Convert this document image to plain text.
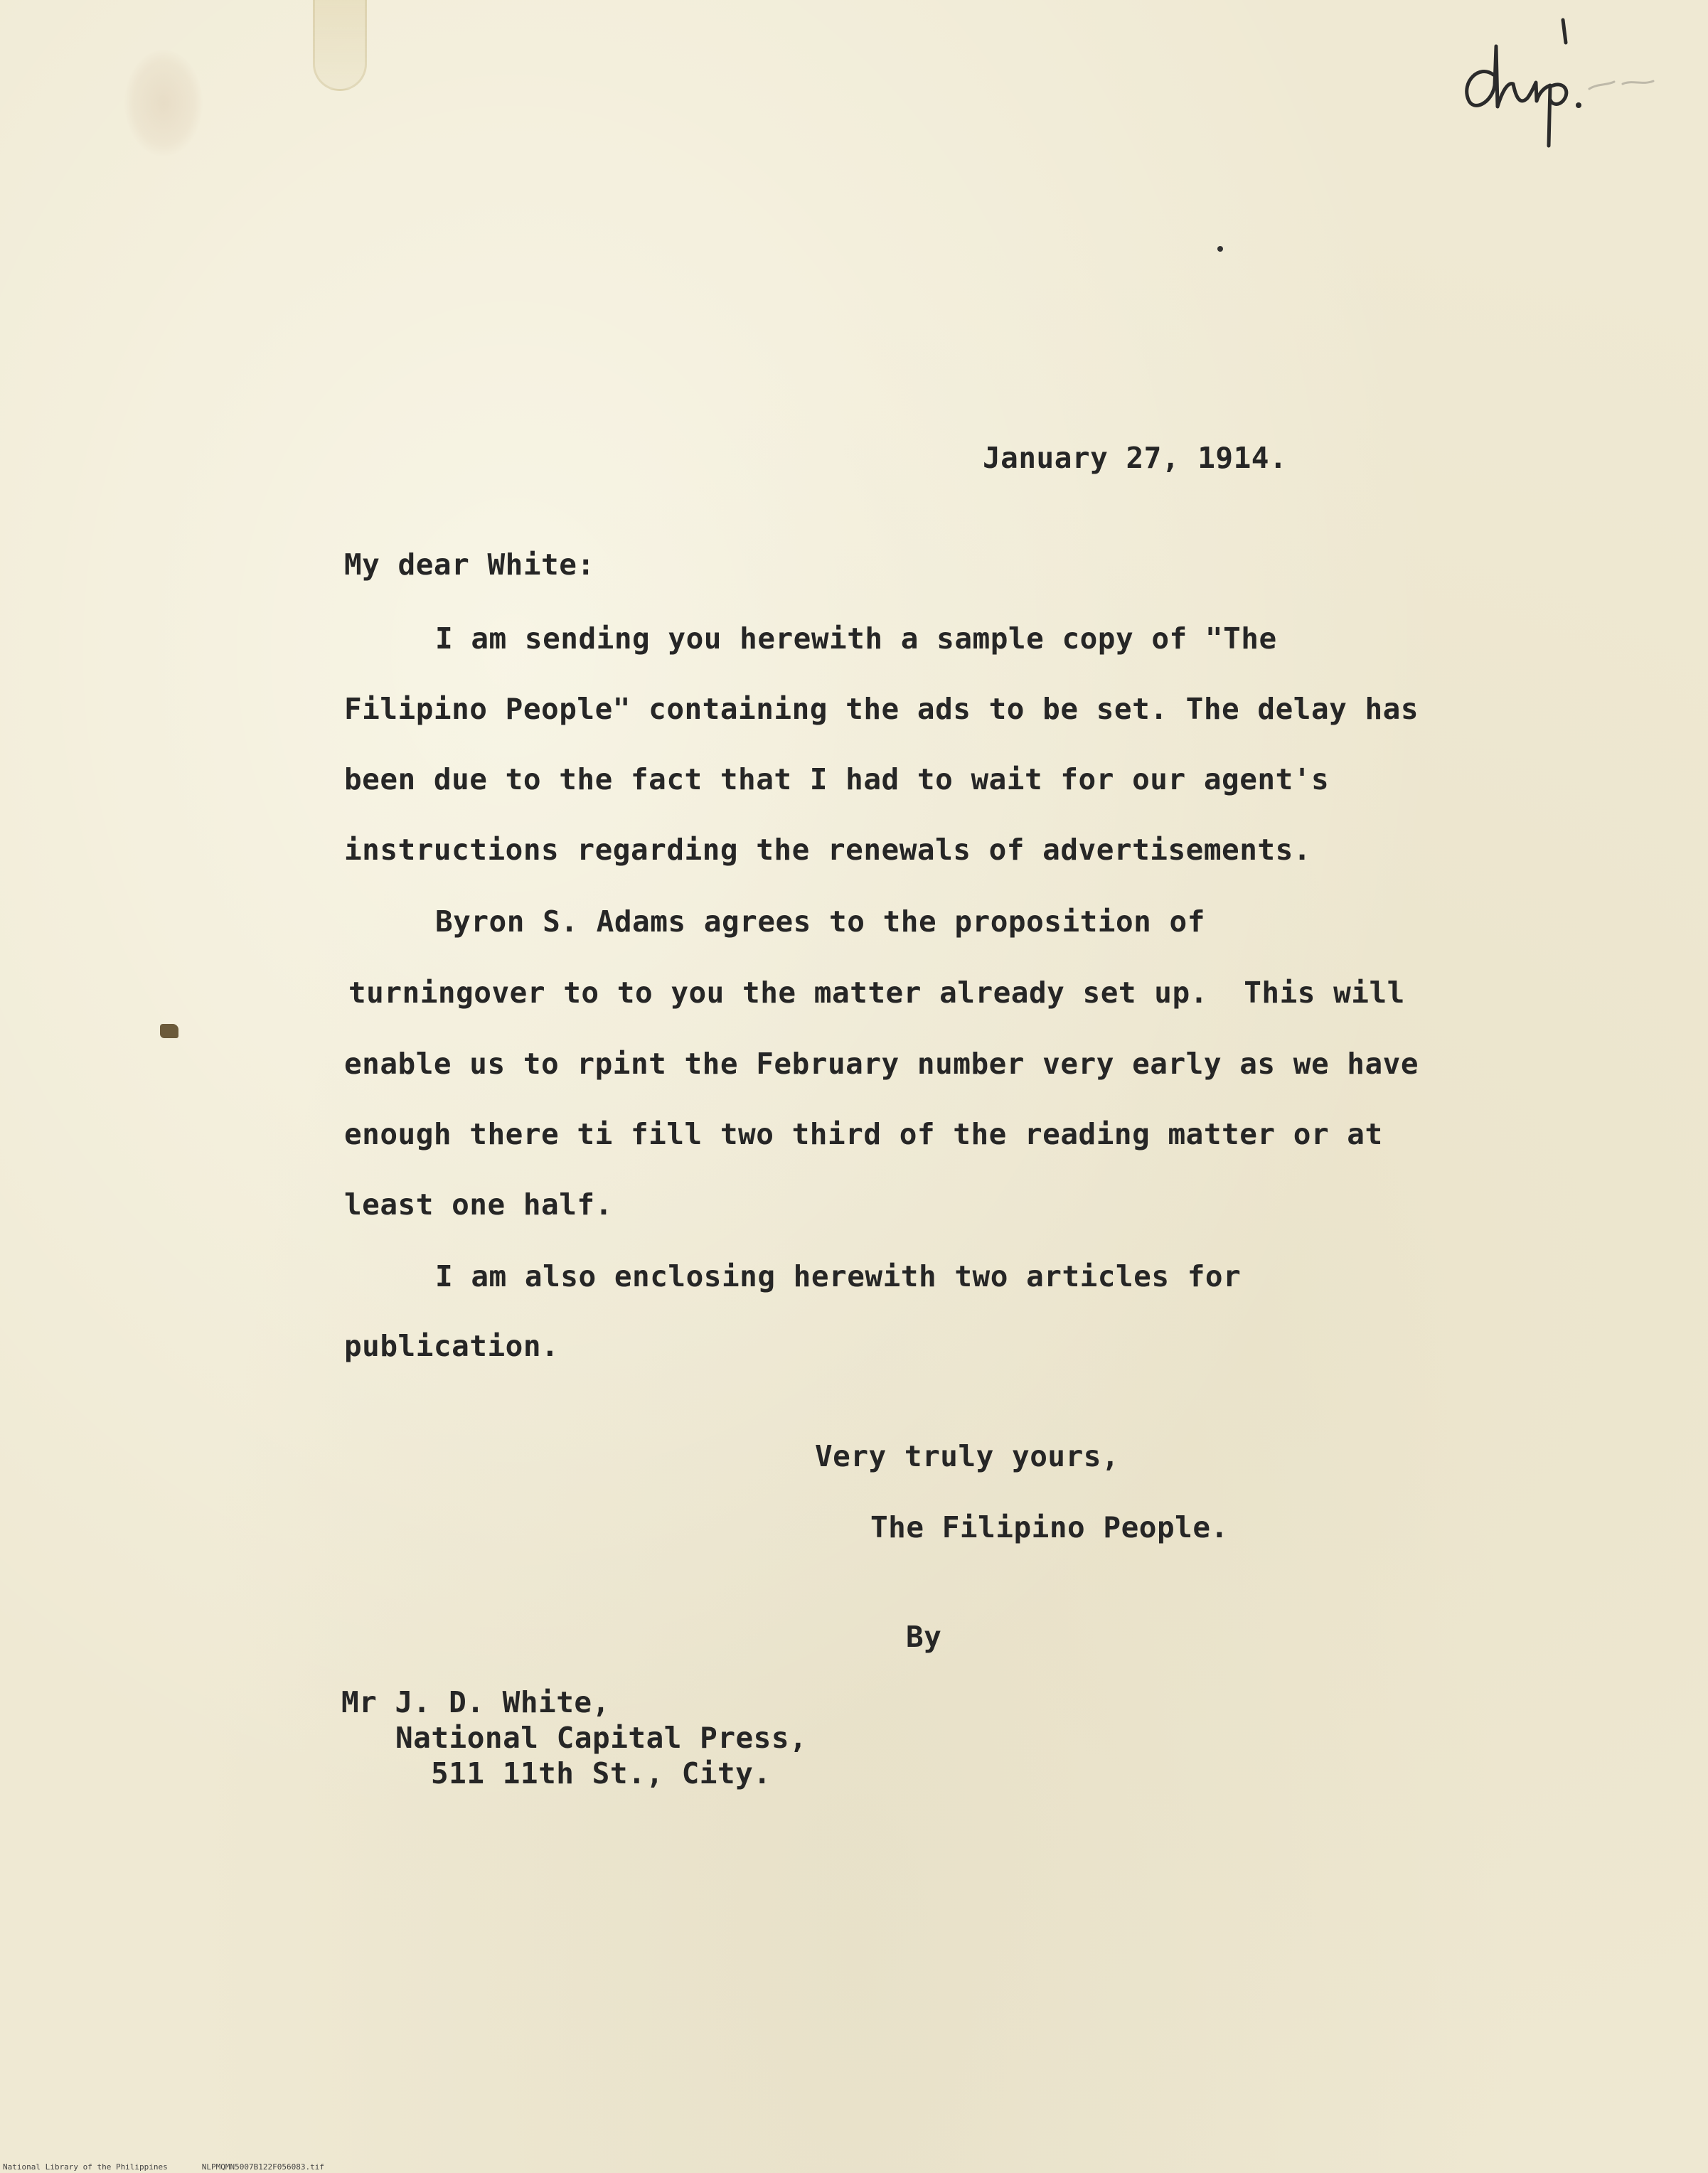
January 27, 1914.
My dear White:
I am sending you herewith a sample copy of "The
Filipino People" containing the ads to be set. The delay has
been due to the fact that I had to wait for our agent's
instructions regarding the renewals of advertisements.
Byron S. Adams agrees to the proposition of
turningover to to you the matter already set up.  This will
enable us to rpint the February number very early as we have
enough there ti fill two third of the reading matter or at
least one half.
I am also enclosing herewith two articles for
publication.
Very truly yours,
The Filipino People.
By
Mr J. D. White,
National Capital Press,
511 11th St., City.
National Library of the Philippines	NLPMQMN5007B122F056083.tif
